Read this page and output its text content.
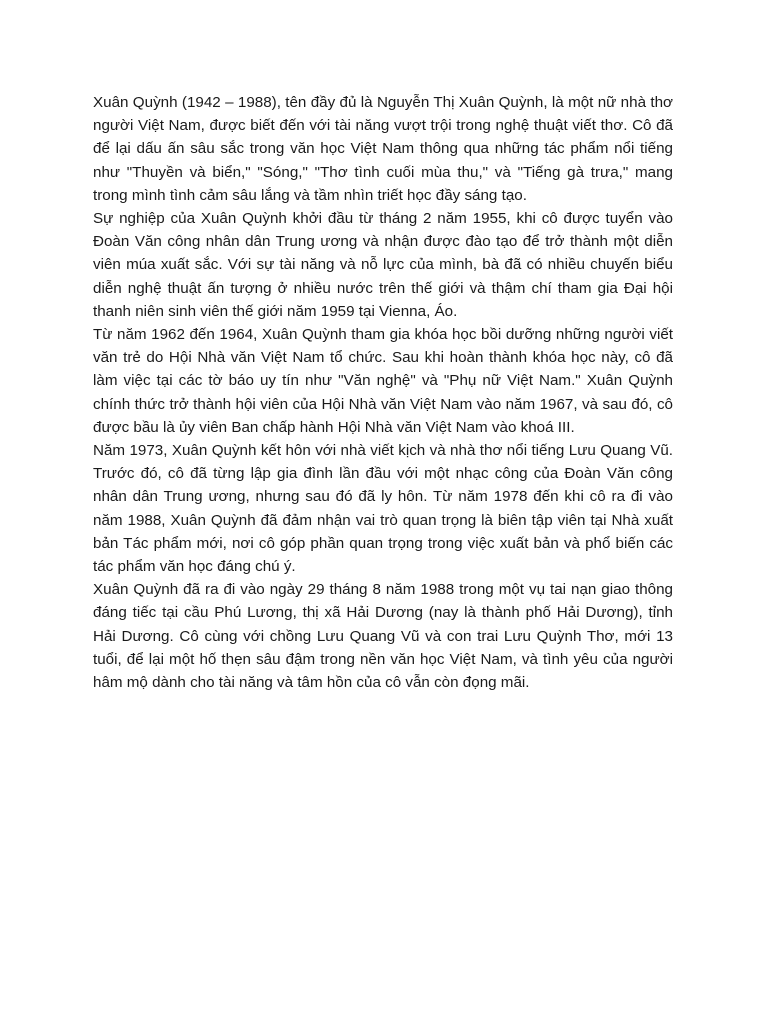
Xuân Quỳnh (1942 – 1988), tên đầy đủ là Nguyễn Thị Xuân Quỳnh, là một nữ nhà thơ người Việt Nam, được biết đến với tài năng vượt trội trong nghệ thuật viết thơ. Cô đã để lại dấu ấn sâu sắc trong văn học Việt Nam thông qua những tác phẩm nổi tiếng như "Thuyền và biển," "Sóng," "Thơ tình cuối mùa thu," và "Tiếng gà trưa," mang trong mình tình cảm sâu lắng và tầm nhìn triết học đầy sáng tạo.

Sự nghiệp của Xuân Quỳnh khởi đầu từ tháng 2 năm 1955, khi cô được tuyển vào Đoàn Văn công nhân dân Trung ương và nhận được đào tạo để trở thành một diễn viên múa xuất sắc. Với sự tài năng và nỗ lực của mình, bà đã có nhiều chuyến biểu diễn nghệ thuật ấn tượng ở nhiều nước trên thế giới và thậm chí tham gia Đại hội thanh niên sinh viên thế giới năm 1959 tại Vienna, Áo.

Từ năm 1962 đến 1964, Xuân Quỳnh tham gia khóa học bồi dưỡng những người viết văn trẻ do Hội Nhà văn Việt Nam tổ chức. Sau khi hoàn thành khóa học này, cô đã làm việc tại các tờ báo uy tín như "Văn nghệ" và "Phụ nữ Việt Nam." Xuân Quỳnh chính thức trở thành hội viên của Hội Nhà văn Việt Nam vào năm 1967, và sau đó, cô được bầu là ủy viên Ban chấp hành Hội Nhà văn Việt Nam vào khoá III.

Năm 1973, Xuân Quỳnh kết hôn với nhà viết kịch và nhà thơ nổi tiếng Lưu Quang Vũ. Trước đó, cô đã từng lập gia đình lần đầu với một nhạc công của Đoàn Văn công nhân dân Trung ương, nhưng sau đó đã ly hôn. Từ năm 1978 đến khi cô ra đi vào năm 1988, Xuân Quỳnh đã đảm nhận vai trò quan trọng là biên tập viên tại Nhà xuất bản Tác phẩm mới, nơi cô góp phần quan trọng trong việc xuất bản và phổ biến các tác phẩm văn học đáng chú ý.

Xuân Quỳnh đã ra đi vào ngày 29 tháng 8 năm 1988 trong một vụ tai nạn giao thông đáng tiếc tại cầu Phú Lương, thị xã Hải Dương (nay là thành phố Hải Dương), tỉnh Hải Dương. Cô cùng với chồng Lưu Quang Vũ và con trai Lưu Quỳnh Thơ, mới 13 tuổi, để lại một hố thẹn sâu đậm trong nền văn học Việt Nam, và tình yêu của người hâm mộ dành cho tài năng và tâm hồn của cô vẫn còn đọng mãi.
